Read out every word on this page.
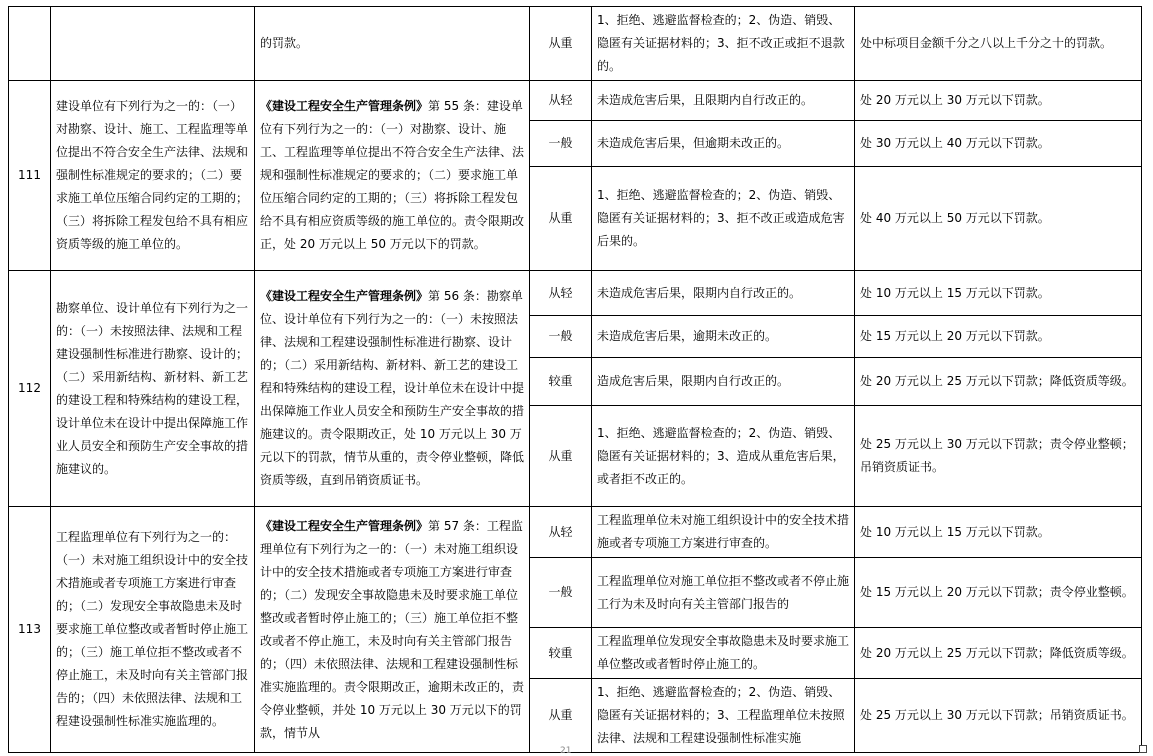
		的罚款。	从重	1、拒绝、逃避监督检查的；2、伪造、销毁、隐匿有关证据材料的；3、拒不改正或拒不退款的。	处中标项目金额千分之八以上千分之十的罚款。
111	建设单位有下列行为之一的：（一）对勘察、设计、施工、工程监理等单位提出不符合安全生产法律、法规和强制性标准规定的要求的；（二）要求施工单位压缩合同约定的工期的；（三）将拆除工程发包给不具有相应资质等级的施工单位的。	《建设工程安全生产管理条例》第 55 条：建设单位有下列行为之一的：（一）对勘察、设计、施工、工程监理等单位提出不符合安全生产法律、法规和强制性标准规定的要求的；（二）要求施工单位压缩合同约定的工期的；（三）将拆除工程发包给不具有相应资质等级的施工单位的。责令限期改正，处 20 万元以上 50 万元以下的罚款。	从轻	未造成危害后果，且限期内自行改正的。	处 20 万元以上 30 万元以下罚款。
			一般	未造成危害后果，但逾期未改正的。	处 30 万元以上 40 万元以下罚款。
			从重	1、拒绝、逃避监督检查的；2、伪造、销毁、隐匿有关证据材料的；3、拒不改正或造成危害后果的。	处 40 万元以上 50 万元以下罚款。
112	勘察单位、设计单位有下列行为之一的：（一）未按照法律、法规和工程建设强制性标准进行勘察、设计的；（二）采用新结构、新材料、新工艺的建设工程和特殊结构的建设工程，设计单位未在设计中提出保障施工作业人员安全和预防生产安全事故的措施建议的。	《建设工程安全生产管理条例》第 56 条：勘察单位、设计单位有下列行为之一的：（一）未按照法律、法规和工程建设强制性标准进行勘察、设计的；（二）采用新结构、新材料、新工艺的建设工程和特殊结构的建设工程，设计单位未在设计中提出保障施工作业人员安全和预防生产安全事故的措施建议的。责令限期改正，处 10 万元以上 30 万元以下的罚款，情节从重的，责令停业整顿，降低资质等级，直到吊销资质证书。	从轻	未造成危害后果，限期内自行改正的。	处 10 万元以上 15 万元以下罚款。
			一般	未造成危害后果，逾期未改正的。	处 15 万元以上 20 万元以下罚款。
			较重	造成危害后果，限期内自行改正的。	处 20 万元以上 25 万元以下罚款；降低资质等级。
			从重	1、拒绝、逃避监督检查的；2、伪造、销毁、隐匿有关证据材料的；3、造成从重危害后果，或者拒不改正的。	处 25 万元以上 30 万元以下罚款；责令停业整顿；吊销资质证书。
113	工程监理单位有下列行为之一的：（一）未对施工组织设计中的安全技术措施或者专项施工方案进行审查的；（二）发现安全事故隐患未及时要求施工单位整改或者暂时停止施工的；（三）施工单位拒不整改或者不停止施工，未及时向有关主管部门报告的；（四）未依照法律、法规和工程建设强制性标准实施监理的。	《建设工程安全生产管理条例》第 57 条：工程监理单位有下列行为之一的：（一）未对施工组织设计中的安全技术措施或者专项施工方案进行审查的；（二）发现安全事故隐患未及时要求施工单位整改或者暂时停止施工的；（三）施工单位拒不整改或者不停止施工，未及时向有关主管部门报告的；（四）未依照法律、法规和工程建设强制性标准实施监理的。责令限期改正，逾期未改正的，责令停业整顿，并处 10 万元以上 30 万元以下的罚款，情节从	从轻	工程监理单位未对施工组织设计中的安全技术措施或者专项施工方案进行审查的。	处 10 万元以上 15 万元以下罚款。
			一般	工程监理单位对施工单位拒不整改或者不停止施工行为未及时向有关主管部门报告的	处 15 万元以上 20 万元以下罚款；责令停业整顿。
			较重	工程监理单位发现安全事故隐患未及时要求施工单位整改或者暂时停止施工的。	处 20 万元以上 25 万元以下罚款；降低资质等级。
			从重	1、拒绝、逃避监督检查的；2、伪造、销毁、隐匿有关证据材料的；3、工程监理单位未按照法律、法规和工程建设强制性标准实施	处 25 万元以上 30 万元以下罚款；吊销资质证书。
21
